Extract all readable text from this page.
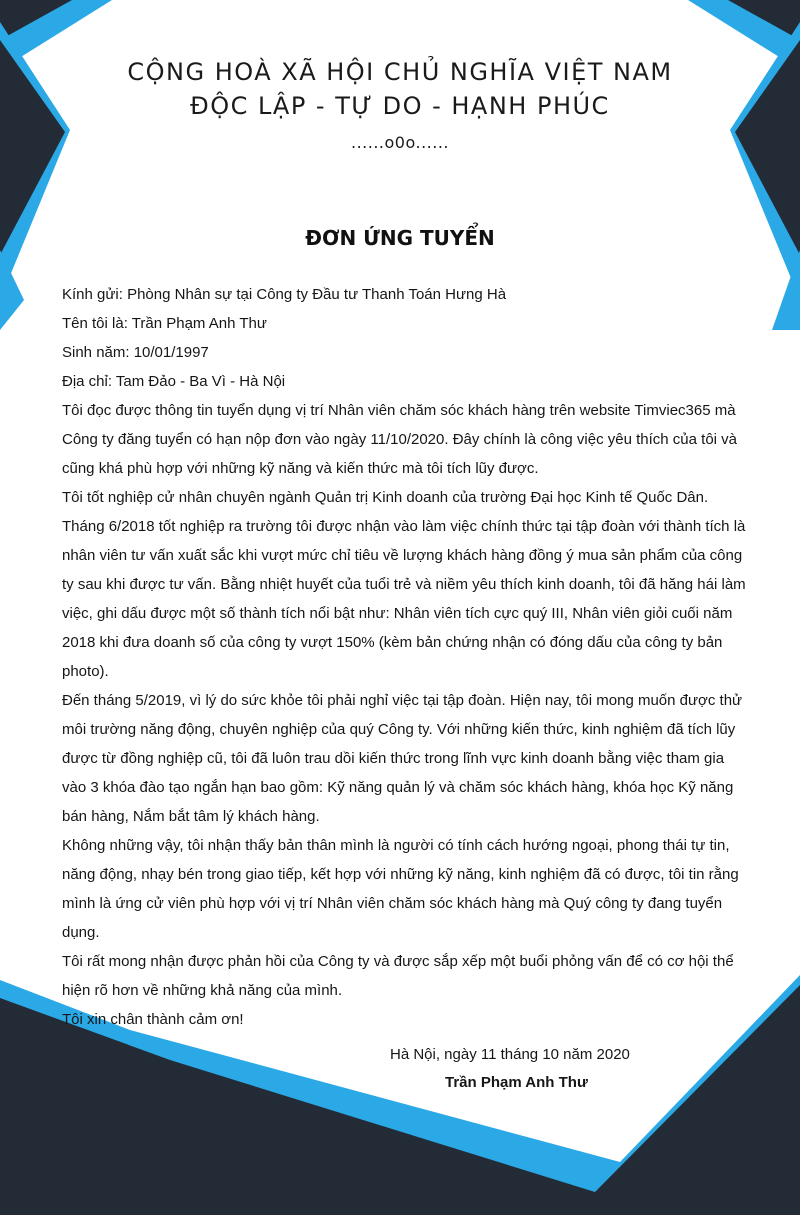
CỘNG HOÀ XÃ HỘI CHỦ NGHĨA VIỆT NAM
ĐỘC LẬP - TỰ DO - HẠNH PHÚC
......o0o......
ĐƠN ỨNG TUYỂN

Kính gửi: Phòng Nhân sự tại Công ty Đầu tư Thanh Toán Hưng Hà

Tên tôi là: Trần Phạm Anh Thư

Sinh năm: 10/01/1997

Địa chỉ: Tam Đảo - Ba Vì - Hà Nội

Tôi đọc được thông tin tuyển dụng vị trí Nhân viên chăm sóc khách hàng trên website Timviec365 mà Công ty đăng tuyển có hạn nộp đơn vào ngày 11/10/2020. Đây chính là công việc yêu thích của tôi và cũng khá phù hợp với những kỹ năng và kiến thức mà tôi tích lũy được.

Tôi tốt nghiệp cử nhân chuyên ngành Quản trị Kinh doanh của trường Đại học Kinh tế Quốc Dân.

Tháng 6/2018 tốt nghiệp ra trường tôi được nhận vào làm việc chính thức tại tập đoàn với thành tích là nhân viên tư vấn xuất sắc khi vượt mức chỉ tiêu về lượng khách hàng đồng ý mua sản phẩm của công ty sau khi được tư vấn. Bằng nhiệt huyết của tuổi trẻ và niềm yêu thích kinh doanh, tôi đã hăng hái làm việc, ghi dấu được một số thành tích nổi bật như: Nhân viên tích cực quý III, Nhân viên giỏi cuối năm 2018 khi đưa doanh số của công ty vượt 150% (kèm bản chứng nhận có đóng dấu của công ty bản photo).

Đến tháng 5/2019, vì lý do sức khỏe tôi phải nghỉ việc tại tập đoàn. Hiện nay, tôi mong muốn được thử môi trường năng động, chuyên nghiệp của quý Công ty. Với những kiến thức, kinh nghiệm đã tích lũy được từ đồng nghiệp cũ, tôi đã luôn trau dồi kiến thức trong lĩnh vực kinh doanh bằng việc tham gia vào 3 khóa đào tạo ngắn hạn bao gồm: Kỹ năng quản lý và chăm sóc khách hàng, khóa học Kỹ năng bán hàng, Nắm bắt tâm lý khách hàng.

Không những vậy, tôi nhận thấy bản thân mình là người có tính cách hướng ngoại, phong thái tự tin, năng động, nhạy bén trong giao tiếp, kết hợp với những kỹ năng, kinh nghiệm đã có được, tôi tin rằng mình là ứng cử viên phù hợp với vị trí Nhân viên chăm sóc khách hàng mà Quý công ty đang tuyển dụng.

Tôi rất mong nhận được phản hồi của Công ty và được sắp xếp một buổi phỏng vấn để có cơ hội thể hiện rõ hơn về những khả năng của mình.

Tôi xin chân thành cảm ơn!

Hà Nội, ngày 11 tháng 10 năm 2020
Trần Phạm Anh Thư
